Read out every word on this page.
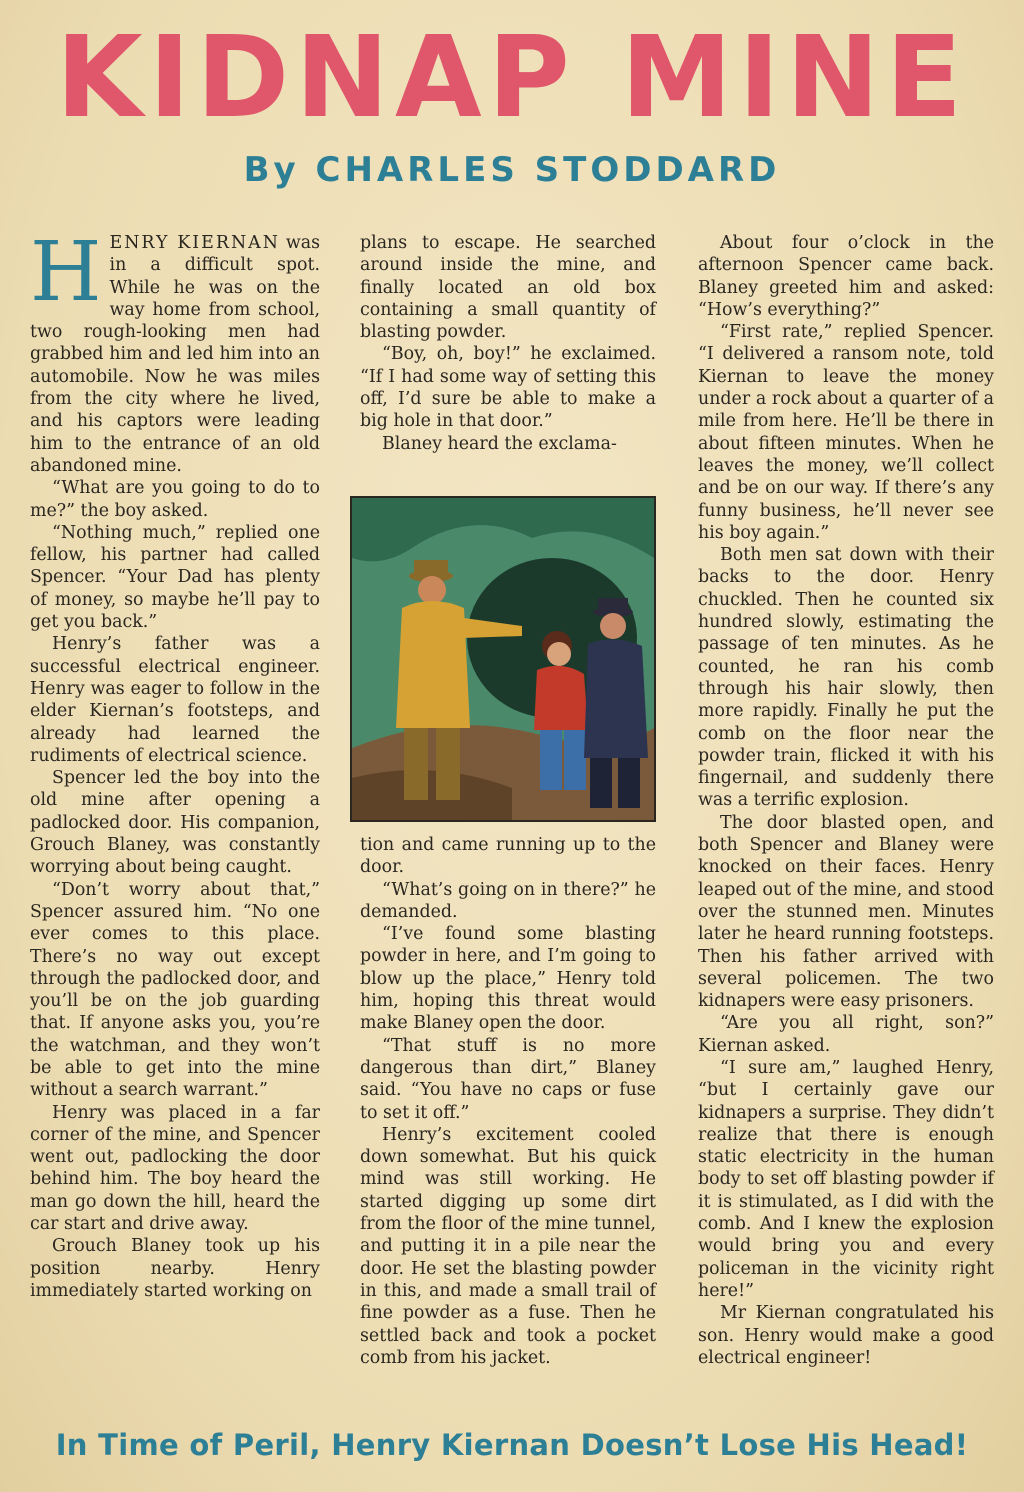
KIDNAP MINE
By CHARLES STODDARD

HENRY KIERNAN was in a difficult spot. While he was on the way home from school, two rough-looking men had grabbed him and led him into an automobile. Now he was miles from the city where he lived, and his captors were leading him to the entrance of an old abandoned mine.

“What are you going to do to me?” the boy asked.

“Nothing much,” replied one fellow, his partner had called Spencer. “Your Dad has plenty of money, so maybe he’ll pay to get you back.”

Henry’s father was a successful electrical engineer. Henry was eager to follow in the elder Kiernan’s footsteps, and already had learned the rudiments of electrical science.

Spencer led the boy into the old mine after opening a padlocked door. His companion, Grouch Blaney, was constantly worrying about being caught.

“Don’t worry about that,” Spencer assured him. “No one ever comes to this place. There’s no way out except through the padlocked door, and you’ll be on the job guarding that. If anyone asks you, you’re the watchman, and they won’t be able to get into the mine without a search warrant.”

Henry was placed in a far corner of the mine, and Spencer went out, padlocking the door behind him. The boy heard the man go down the hill, heard the car start and drive away.

Grouch Blaney took up his position nearby. Henry immediately started working on

plans to escape. He searched around inside the mine, and finally located an old box containing a small quantity of blasting powder.

“Boy, oh, boy!” he exclaimed. “If I had some way of setting this off, I’d sure be able to make a big hole in that door.”

Blaney heard the exclama-

tion and came running up to the door.

“What’s going on in there?” he demanded.

“I’ve found some blasting powder in here, and I’m going to blow up the place,” Henry told him, hoping this threat would make Blaney open the door.

“That stuff is no more dangerous than dirt,” Blaney said. “You have no caps or fuse to set it off.”

Henry’s excitement cooled down somewhat. But his quick mind was still working. He started digging up some dirt from the floor of the mine tunnel, and putting it in a pile near the door. He set the blasting powder in this, and made a small trail of fine powder as a fuse. Then he settled back and took a pocket comb from his jacket.

About four o’clock in the afternoon Spencer came back. Blaney greeted him and asked: “How’s everything?”

“First rate,” replied Spencer. “I delivered a ransom note, told Kiernan to leave the money under a rock about a quarter of a mile from here. He’ll be there in about fifteen minutes. When he leaves the money, we’ll collect and be on our way. If there’s any funny business, he’ll never see his boy again.”

Both men sat down with their backs to the door. Henry chuckled. Then he counted six hundred slowly, estimating the passage of ten minutes. As he counted, he ran his comb through his hair slowly, then more rapidly. Finally he put the comb on the floor near the powder train, flicked it with his fingernail, and suddenly there was a terrific explosion.

The door blasted open, and both Spencer and Blaney were knocked on their faces. Henry leaped out of the mine, and stood over the stunned men. Minutes later he heard running footsteps. Then his father arrived with several policemen. The two kidnapers were easy prisoners.

“Are you all right, son?” Kiernan asked.

“I sure am,” laughed Henry, “but I certainly gave our kidnapers a surprise. They didn’t realize that there is enough static electricity in the human body to set off blasting powder if it is stimulated, as I did with the comb. And I knew the explosion would bring you and every policeman in the vicinity right here!”

Mr Kiernan congratulated his son. Henry would make a good electrical engineer!

In Time of Peril, Henry Kiernan Doesn’t Lose His Head!
